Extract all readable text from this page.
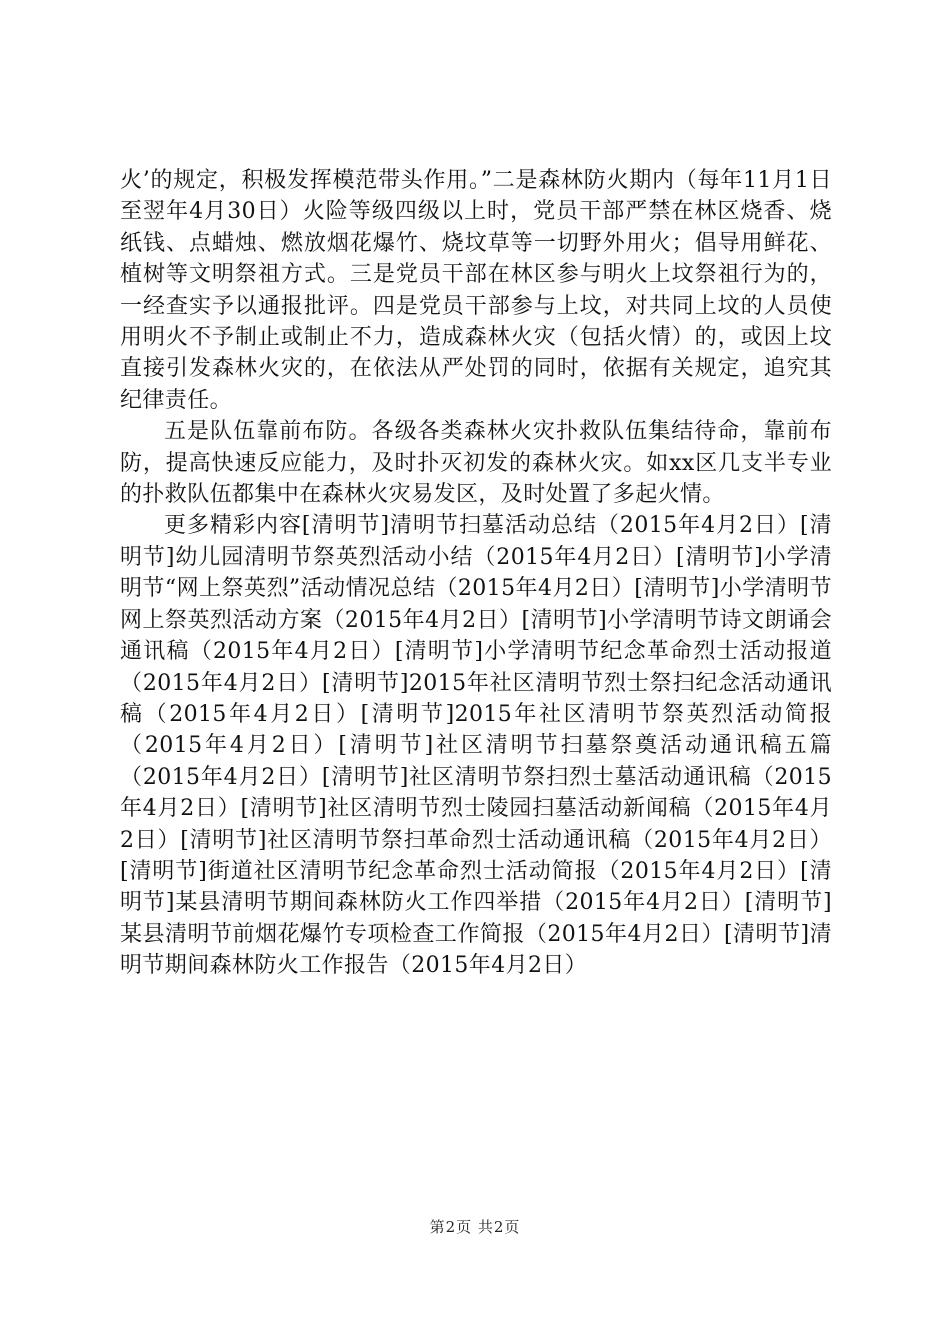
火’的规定，积极发挥模范带头作用。”二是森林防火期内（每年11月1日至翌年4月30日）火险等级四级以上时，党员干部严禁在林区烧香、烧纸钱、点蜡烛、燃放烟花爆竹、烧坟草等一切野外用火；倡导用鲜花、植树等文明祭祖方式。三是党员干部在林区参与明火上坟祭祖行为的，一经查实予以通报批评。四是党员干部参与上坟，对共同上坟的人员使用明火不予制止或制止不力，造成森林火灾（包括火情）的，或因上坟直接引发森林火灾的，在依法从严处罚的同时，依据有关规定，追究其纪律责任。

五是队伍靠前布防。各级各类森林火灾扑救队伍集结待命，靠前布防，提高快速反应能力，及时扑灭初发的森林火灾。如xx区几支半专业的扑救队伍都集中在森林火灾易发区，及时处置了多起火情。

更多精彩内容[清明节]清明节扫墓活动总结（2015年4月2日）[清明节]幼儿园清明节祭英烈活动小结（2015年4月2日）[清明节]小学清明节“网上祭英烈”活动情况总结（2015年4月2日）[清明节]小学清明节网上祭英烈活动方案（2015年4月2日）[清明节]小学清明节诗文朗诵会通讯稿（2015年4月2日）[清明节]小学清明节纪念革命烈士活动报道（2015年4月2日）[清明节]2015年社区清明节烈士祭扫纪念活动通讯稿（2015年4月2日）[清明节]2015年社区清明节祭英烈活动简报（2015年4月2日）[清明节]社区清明节扫墓祭奠活动通讯稿五篇（2015年4月2日）[清明节]社区清明节祭扫烈士墓活动通讯稿（2015年4月2日）[清明节]社区清明节烈士陵园扫墓活动新闻稿（2015年4月2日）[清明节]社区清明节祭扫革命烈士活动通讯稿（2015年4月2日）[清明节]街道社区清明节纪念革命烈士活动简报（2015年4月2日）[清明节]某县清明节期间森林防火工作四举措（2015年4月2日）[清明节]某县清明节前烟花爆竹专项检查工作简报（2015年4月2日）[清明节]清明节期间森林防火工作报告（2015年4月2日）

第2页 共2页
